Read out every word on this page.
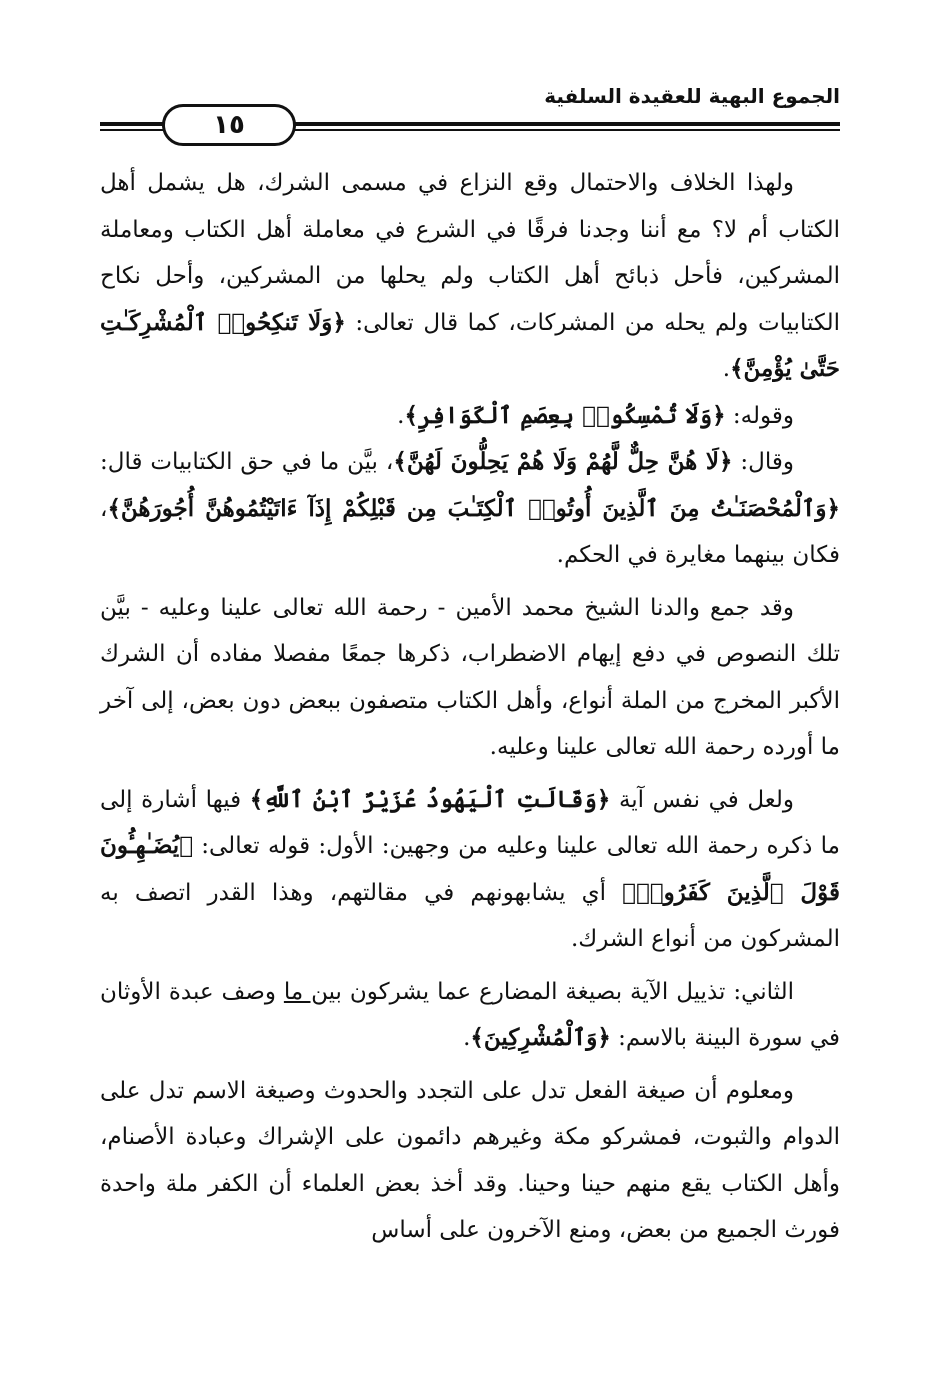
الجموع البهية للعقيدة السلفية
١٥

ولهذا الخلاف والاحتمال وقع النزاع في مسمى الشرك، هل يشمل أهل الكتاب أم لا؟ مع أننا وجدنا فرقًا في الشرع في معاملة أهل الكتاب ومعاملة المشركين، فأحل ذبائح أهل الكتاب ولم يحلها من المشركين، وأحل نكاح الكتابيات ولم يحله من المشركات، كما قال تعالى: ﴿وَلَا تَنكِحُوا۟ ٱلْمُشْرِكَـٰتِ حَتَّىٰ يُؤْمِنَّ﴾.

وقوله: ﴿وَلَا تُمْسِكُوا۟ بِعِصَمِ ٱلْكَوَافِرِ﴾.

وقال: ﴿لَا هُنَّ حِلٌّ لَّهُمْ وَلَا هُمْ يَحِلُّونَ لَهُنَّ﴾، بيَّن ما في حق الكتابيات قال: ﴿وَٱلْمُحْصَنَـٰتُ مِنَ ٱلَّذِينَ أُوتُوا۟ ٱلْكِتَـٰبَ مِن قَبْلِكُمْ إِذَآ ءَاتَيْتُمُوهُنَّ أُجُورَهُنَّ﴾، فكان بينهما مغايرة في الحكم.

وقد جمع والدنا الشيخ محمد الأمين - رحمة الله تعالى علينا وعليه - بيَّن تلك النصوص في دفع إيهام الاضطراب، ذكرها جمعًا مفصلا مفاده أن الشرك الأكبر المخرج من الملة أنواع، وأهل الكتاب متصفون ببعض دون بعض، إلى آخر ما أورده رحمة الله تعالى علينا وعليه.

ولعل في نفس آية ﴿وَقَالَتِ ٱلْيَهُودُ عُزَيْرٌ ٱبْنُ ٱللَّهِ﴾ فيها أشارة إلى ما ذكره رحمة الله تعالى علينا وعليه من وجهين: الأول: قوله تعالى: ﴿يُضَـٰهِـُٔونَ قَوْلَ ٱلَّذِينَ كَفَرُوا۟﴾ أي يشابهونهم في مقالتهم، وهذا القدر اتصف به المشركون من أنواع الشرك.

الثاني: تذييل الآية بصيغة المضارع عما يشركون بين ما وصف عبدة الأوثان في سورة البينة بالاسم: ﴿وَٱلْمُشْرِكِينَ﴾.

ومعلوم أن صيغة الفعل تدل على التجدد والحدوث وصيغة الاسم تدل على الدوام والثبوت، فمشركو مكة وغيرهم دائمون على الإشراك وعبادة الأصنام، وأهل الكتاب يقع منهم حينا وحينا. وقد أخذ بعض العلماء أن الكفر ملة واحدة فورث الجميع من بعض، ومنع الآخرون على أساس
